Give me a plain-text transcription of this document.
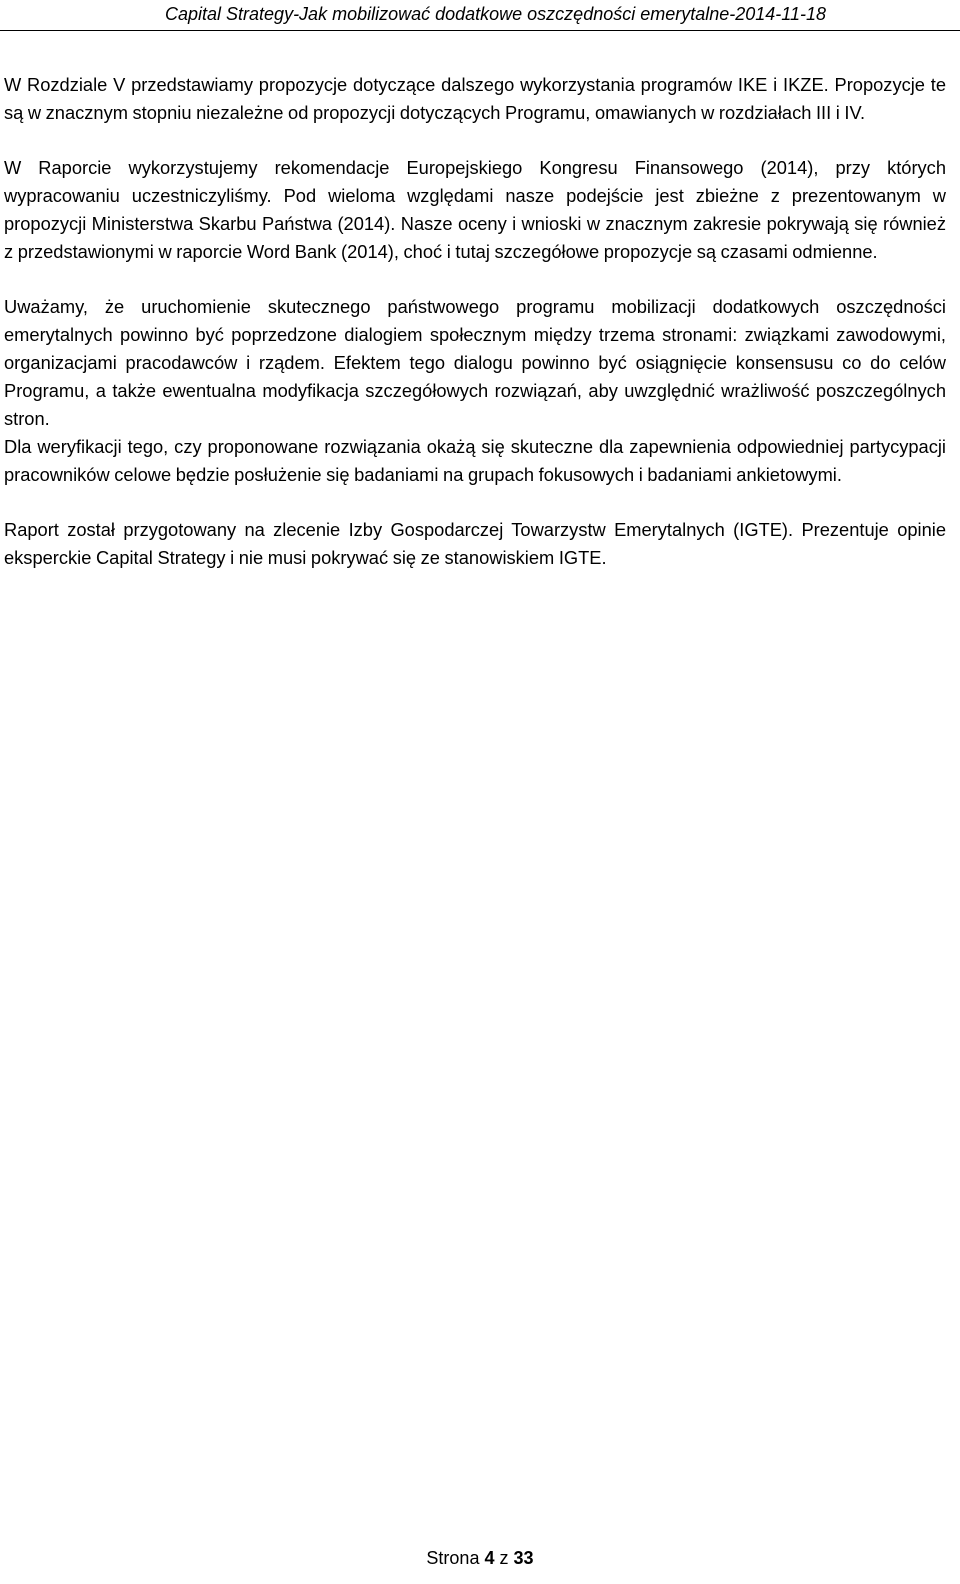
Capital Strategy-Jak mobilizować dodatkowe oszczędności emerytalne-2014-11-18

W Rozdziale V przedstawiamy propozycje dotyczące dalszego wykorzystania programów IKE i IKZE. Propozycje te są w znacznym stopniu niezależne od propozycji dotyczących Programu, omawianych w rozdziałach III i IV.

W Raporcie wykorzystujemy rekomendacje Europejskiego Kongresu Finansowego (2014), przy których wypracowaniu uczestniczyliśmy. Pod wieloma względami nasze podejście jest zbieżne z prezentowanym w propozycji Ministerstwa Skarbu Państwa (2014). Nasze oceny i wnioski w znacznym zakresie pokrywają się również z przedstawionymi w raporcie Word Bank (2014), choć i tutaj szczegółowe propozycje są czasami odmienne.

Uważamy, że uruchomienie skutecznego państwowego programu mobilizacji dodatkowych oszczędności emerytalnych powinno być poprzedzone dialogiem społecznym między trzema stronami: związkami zawodowymi, organizacjami pracodawców i rządem. Efektem tego dialogu powinno być osiągnięcie konsensusu co do celów Programu, a także ewentualna modyfikacja szczegółowych rozwiązań, aby uwzględnić wrażliwość poszczególnych stron.

Dla weryfikacji tego, czy proponowane rozwiązania okażą się skuteczne dla zapewnienia odpowiedniej partycypacji pracowników celowe będzie posłużenie się badaniami na grupach fokusowych i badaniami ankietowymi.

Raport został przygotowany na zlecenie Izby Gospodarczej Towarzystw Emerytalnych (IGTE). Prezentuje opinie eksperckie Capital Strategy i nie musi pokrywać się ze stanowiskiem IGTE.

Strona 4 z 33
